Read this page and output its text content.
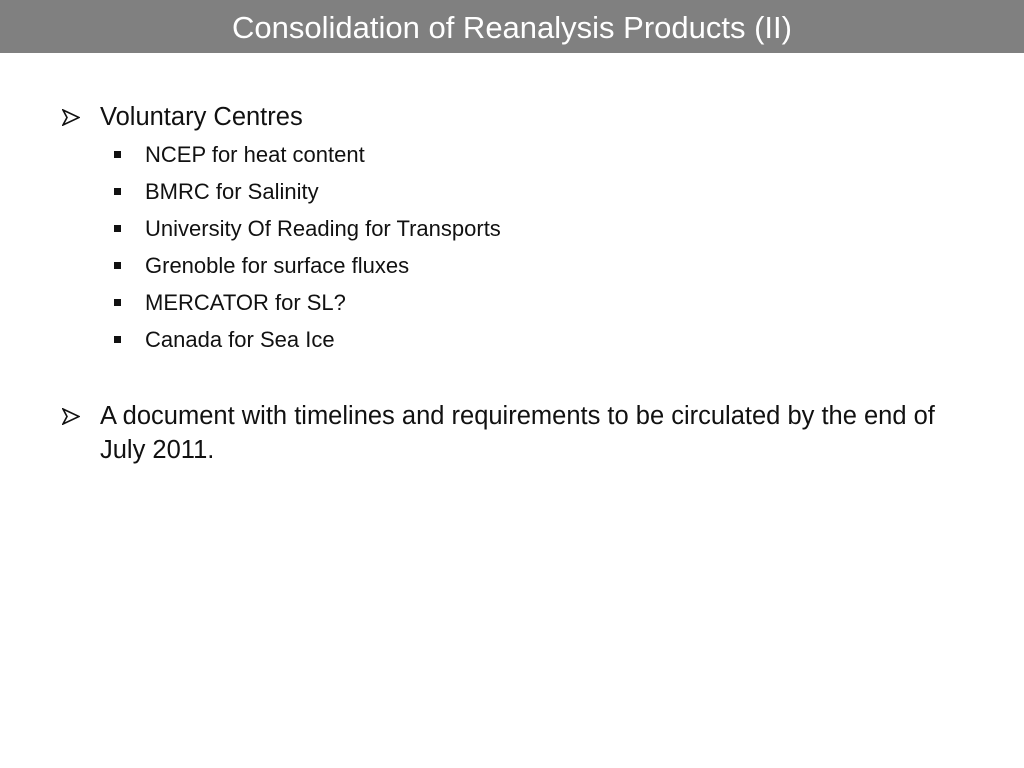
Consolidation of Reanalysis Products (II)
Voluntary Centres
NCEP for heat content
BMRC for Salinity
University Of Reading for Transports
Grenoble for surface fluxes
MERCATOR for SL?
Canada for Sea Ice
A document with timelines and requirements to be circulated by the end of July 2011.
